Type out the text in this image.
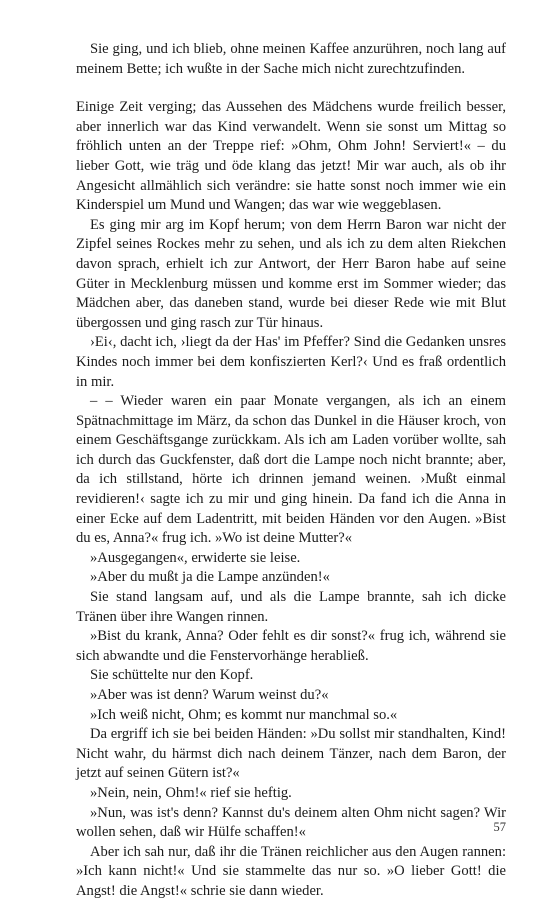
Sie ging, und ich blieb, ohne meinen Kaffee anzurühren, noch lang auf meinem Bette; ich wußte in der Sache mich nicht zurechtzufinden.

Einige Zeit verging; das Aussehen des Mädchens wurde freilich besser, aber innerlich war das Kind verwandelt. Wenn sie sonst um Mittag so fröhlich unten an der Treppe rief: »Ohm, Ohm John! Serviert!« – du lieber Gott, wie träg und öde klang das jetzt! Mir war auch, als ob ihr Angesicht allmählich sich verändre: sie hatte sonst noch immer wie ein Kinderspiel um Mund und Wangen; das war wie weggeblasen.

Es ging mir arg im Kopf herum; von dem Herrn Baron war nicht der Zipfel seines Rockes mehr zu sehen, und als ich zu dem alten Riekchen davon sprach, erhielt ich zur Antwort, der Herr Baron habe auf seine Güter in Mecklenburg müssen und komme erst im Sommer wieder; das Mädchen aber, das daneben stand, wurde bei dieser Rede wie mit Blut übergossen und ging rasch zur Tür hinaus.

›Ei‹, dacht ich, ›liegt da der Has' im Pfeffer? Sind die Gedanken unsres Kindes noch immer bei dem konfiszierten Kerl?‹ Und es fraß ordentlich in mir.

– – Wieder waren ein paar Monate vergangen, als ich an einem Spätnachmittage im März, da schon das Dunkel in die Häuser kroch, von einem Geschäftsgange zurückkam. Als ich am Laden vorüber wollte, sah ich durch das Guckfenster, daß dort die Lampe noch nicht brannte; aber, da ich stillstand, hörte ich drinnen jemand weinen. ›Mußt einmal revidieren!‹ sagte ich zu mir und ging hinein. Da fand ich die Anna in einer Ecke auf dem Ladentritt, mit beiden Händen vor den Augen. »Bist du es, Anna?« frug ich. »Wo ist deine Mutter?«

»Ausgegangen«, erwiderte sie leise.

»Aber du mußt ja die Lampe anzünden!«

Sie stand langsam auf, und als die Lampe brannte, sah ich dicke Tränen über ihre Wangen rinnen.

»Bist du krank, Anna? Oder fehlt es dir sonst?« frug ich, während sie sich abwandte und die Fenstervorhänge herabließ.

Sie schüttelte nur den Kopf.

»Aber was ist denn? Warum weinst du?«

»Ich weiß nicht, Ohm; es kommt nur manchmal so.«

Da ergriff ich sie bei beiden Händen: »Du sollst mir standhalten, Kind! Nicht wahr, du härmst dich nach deinem Tänzer, nach dem Baron, der jetzt auf seinen Gütern ist?«

»Nein, nein, Ohm!« rief sie heftig.

»Nun, was ist's denn? Kannst du's deinem alten Ohm nicht sagen? Wir wollen sehen, daß wir Hülfe schaffen!«

Aber ich sah nur, daß ihr die Tränen reichlicher aus den Augen rannen: »Ich kann nicht!« Und sie stammelte das nur so. »O lieber Gott! die Angst! die Angst!« schrie sie dann wieder.

57
